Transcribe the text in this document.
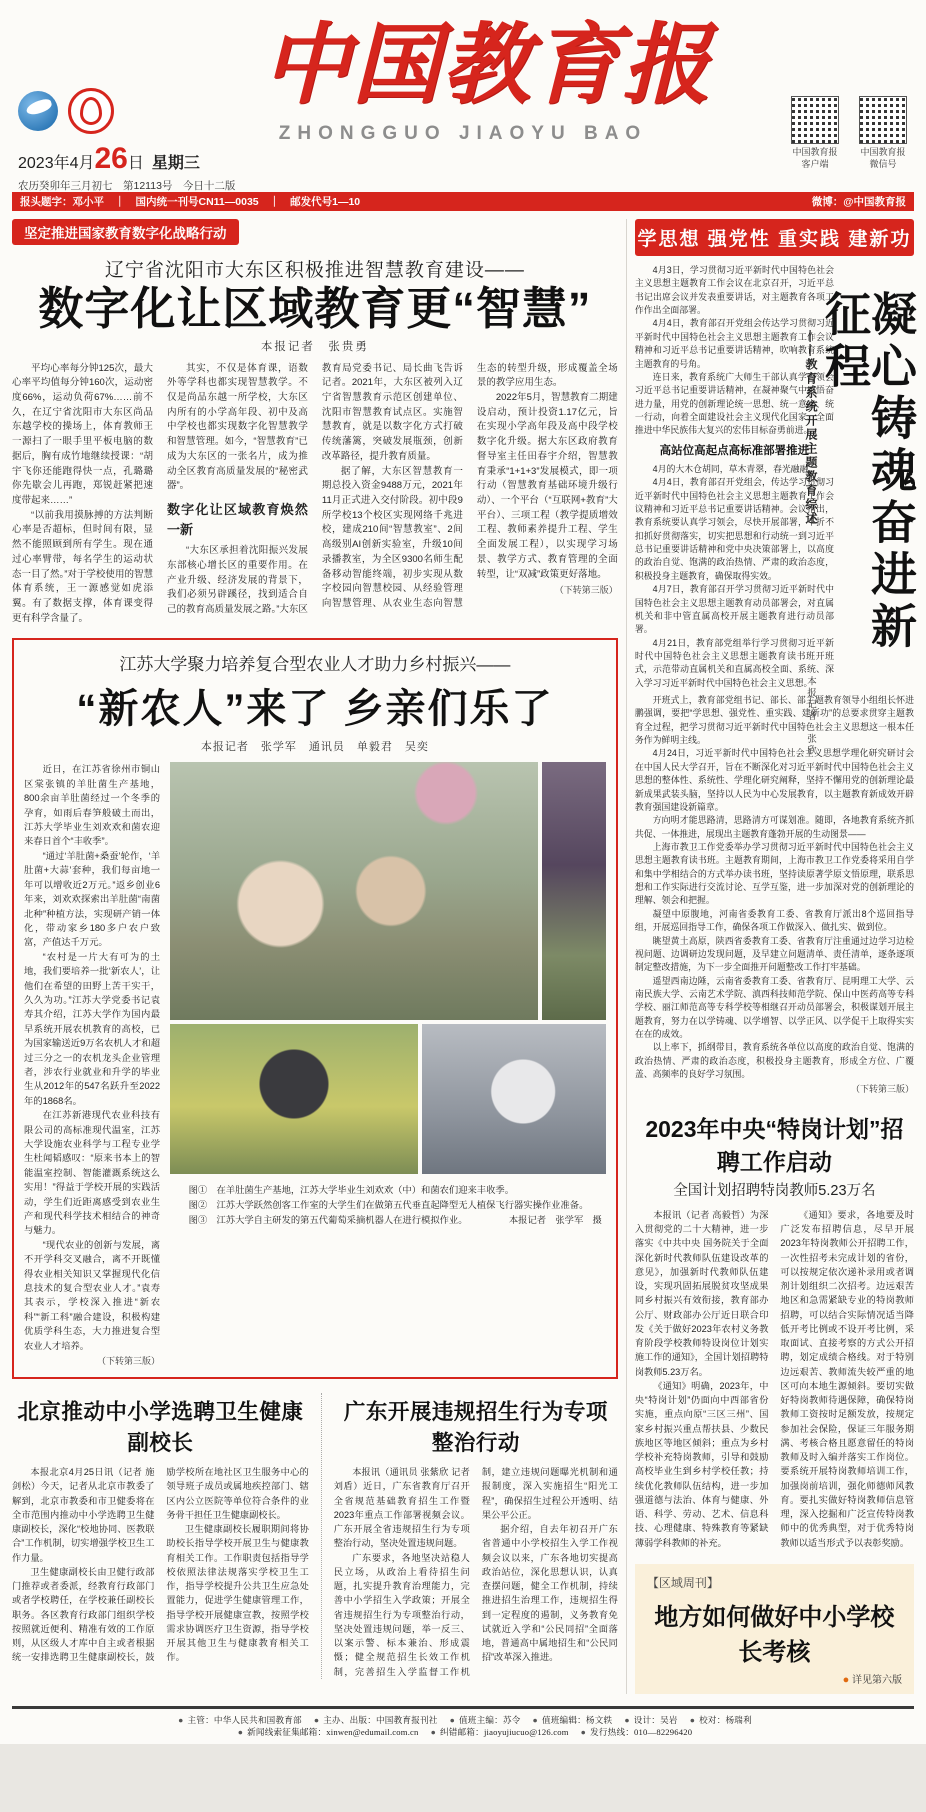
2023年4月26日 星期三
农历癸卯年三月初七　第12113号　今日十二版
中国教育报
ZHONGGUO JIAOYU BAO
中国教育报 客户端
中国教育报 微信号
报头题字：邓小平　｜　国内统一刊号CN11—0035　｜　邮发代号1—10	微博：@中国教育报
坚定推进国家教育数字化战略行动
辽宁省沈阳市大东区积极推进智慧教育建设——
数字化让区域教育更“智慧”
本报记者　张贵勇

平均心率每分钟125次，最大心率平均值每分钟160次，运动密度66%，运动负荷67%……前不久，在辽宁省沈阳市大东区尚品东越学校的操场上，体育教师王一源扫了一眼手里平板电脑的数据后，胸有成竹地继续授课：“胡宇飞你还能跑得快一点，孔璐璐你先歇会儿再跑，郑锐赶紧把速度带起来……”

“以前我用摸脉搏的方法判断心率是否超标，但时间有限，显然不能照顾到所有学生。现在通过心率臂带，每名学生的运动状态一目了然。”对于学校使用的智慧体育系统，王一源感觉如虎添翼。有了数据支撑，体育课变得更有科学含量了。

其实，不仅是体育课，语数外等学科也都实现智慧教学。不仅是尚品东越一所学校，大东区内所有的小学高年段、初中及高中学校也都实现数字化智慧教学和智慧管理。如今，“智慧教育”已成为大东区的一张名片，成为推动全区教育高质量发展的“秘密武器”。

数字化让区域教育焕然一新

“大东区承担着沈阳振兴发展东部核心增长区的重要作用。在产业升级、经济发展的背景下，我们必须另辟蹊径，找到适合自己的教育高质量发展之路。”大东区教育局党委书记、局长曲飞告诉记者。2021年，大东区被列入辽宁省智慧教育示范区创建单位、沈阳市智慧教育试点区。实施智慧教育，就是以数字化方式打破传统藩篱，突破发展瓶颈，创新改革路径，提升教育质量。

据了解，大东区智慧教育一期总投入资金9488万元，2021年11月正式进入交付阶段。初中段9所学校13个校区实现网络千兆进校，建成210间“智慧教室”、2间高级别AI创新实验室，升级10间录播教室，为全区9300名师生配备移动智能终端，初步实现从数字校园向智慧校园、从经验管理向智慧管理、从农业生态向智慧生态的转型升级，形成覆盖全场景的教学应用生态。

2022年5月，智慧教育二期建设启动，预计投资1.17亿元，旨在实现小学高年段及高中段学校数字化升级。据大东区政府教育督导室主任田春宇介绍，智慧教育秉承“1+1+3”发展模式，即一项行动（智慧教育基础环境升级行动）、一个平台（“互联网+教育”大平台）、三项工程（教学提质增效工程、教师素养提升工程、学生全面发展工程），以实现学习场景、教学方式、教育管理的全面转型，让“双减”政策更好落地。

（下转第三版）
江苏大学聚力培养复合型农业人才助力乡村振兴——
“新农人”来了 乡亲们乐了
本报记者　张学军　通讯员　单毅君　吴奕

近日，在江苏省徐州市铜山区棠张镇的羊肚菌生产基地，800余亩羊肚菌经过一个冬季的孕育，如雨后春笋般破土而出，江苏大学毕业生刘欢欢和菌农迎来春日首个“丰收季”。

“通过‘羊肚菌+桑蚕’轮作，‘羊肚菌+大蒜’套种，我们每亩地一年可以增收近2万元。”返乡创业6年来，刘欢欢探索出羊肚菌“南菌北种”种植方法，实现研产销一体化，带动家乡180多户农户致富，产值达千万元。

“农村是一片大有可为的土地，我们要培养一批‘新农人’，让他们在希望的田野上苦干实干，久久为功。”江苏大学党委书记袁寿其介绍，江苏大学作为国内最早系统开展农机教育的高校，已为国家输送近9万名农机人才和超过三分之一的农机龙头企业管理者，涉农行业就业和升学的毕业生从2012年的547名跃升至2022年的1868名。

在江苏新港现代农业科技有限公司的高标准现代温室，江苏大学设施农业科学与工程专业学生杜闻韬感叹：“原来书本上的智能温室控制、智能灌溉系统这么实用！”得益于学校开展的实践活动，学生们近距离感受到农业生产和现代科学技术相结合的神奇与魅力。

“现代农业的创新与发展，离不开学科交叉融合，离不开既懂得农业相关知识又掌握现代化信息技术的复合型农业人才。”袁寿其表示，学校深入推进“新农科”“新工科”融合建设，积极构建优质学科生态，大力推进复合型农业人才培养。

（下转第三版）

图①　在羊肚菌生产基地，江苏大学毕业生刘欢欢（中）和菌农们迎来丰收季。

图②　江苏大学跃然创客工作室的大学生们在做第五代垂直起降型无人植保飞行器实操作业准备。

图③　江苏大学自主研发的第五代葡萄采摘机器人在进行模拟作业。	本报记者　张学军　摄
北京推动中小学选聘卫生健康副校长

本报北京4月25日讯（记者 施剑松）今天，记者从北京市教委了解到，北京市教委和市卫健委将在全市范围内推动中小学选聘卫生健康副校长，深化“校地协同、医教联合”工作机制，切实增强学校卫生工作力量。

卫生健康副校长由卫健行政部门推荐或者委派，经教育行政部门或者学校聘任，在学校兼任副校长职务。各区教育行政部门组织学校按照就近便利、精准有效的工作原则，从区级人才库中自主或者根据统一安排选聘卫生健康副校长，鼓励学校所在地社区卫生服务中心的领导班子成员或属地疾控部门、辖区内公立医院等单位符合条件的业务骨干担任卫生健康副校长。

卫生健康副校长履职期间将协助校长指导学校开展卫生与健康教育相关工作。工作职责包括指导学校依照法律法规落实学校卫生工作，指导学校提升公共卫生应急处置能力，促进学生健康管理工作，指导学校开展健康宣教，按照学校需求协调医疗卫生资源，指导学校开展其他卫生与健康教育相关工作。

广东开展违规招生行为专项整治行动

本报讯（通讯员 张紫欣 记者 刘盾）近日，广东省教育厅召开全省规范基础教育招生工作暨2023年重点工作部署视频会议。广东开展全省违规招生行为专项整治行动，坚决处置违规问题。

广东要求，各地坚决站稳人民立场，从政治上看待招生问题，扎实提升教育治理能力，完善中小学招生入学政策；开展全省违规招生行为专项整治行动，坚决处置违规问题，举一反三、以案示警、标本兼治、形成震慑；健全规范招生长效工作机制，完善招生入学监督工作机制，建立违规问题曝光机制和通报制度，深入实施招生“阳光工程”，确保招生过程公开透明、结果公平公正。

据介绍，自去年初召开广东省普通中小学校招生入学工作视频会议以来，广东各地切实提高政治站位，深化思想认识，认真查摆问题，健全工作机制，持续推进招生治理工作，违规招生得到一定程度的遏制，义务教育免试就近入学和“公民同招”全面落地，普通高中属地招生和“公民同招”改革深入推进。

学思想 强党性 重实践 建新功

4月3日，学习贯彻习近平新时代中国特色社会主义思想主题教育工作会议在北京召开，习近平总书记出席会议并发表重要讲话，对主题教育各项工作作出全面部署。

4月4日，教育部召开党组会传达学习贯彻习近平新时代中国特色社会主义思想主题教育工作会议精神和习近平总书记重要讲话精神，吹响教育系统主题教育的号角。

连日来，教育系统广大师生干部认真学习领会习近平总书记重要讲话精神，在凝神聚气中感悟奋进力量，用党的创新理论统一思想、统一意志、统一行动，向着全面建设社会主义现代化国家、全面推进中华民族伟大复兴的宏伟目标奋勇前进。

高站位高起点高标准部署推进

4月的大木仓胡同，草木青翠，春光融融。

4月4日，教育部召开党组会，传达学习贯彻习近平新时代中国特色社会主义思想主题教育工作会议精神和习近平总书记重要讲话精神。会议指出，教育系统要认真学习领会，尽快开展部署，不折不扣抓好贯彻落实，切实把思想和行动统一到习近平总书记重要讲话精神和党中央决策部署上，以高度的政治自觉、饱满的政治热情、严肃的政治态度，积极投身主题教育，确保取得实效。

4月7日，教育部召开学习贯彻习近平新时代中国特色社会主义思想主题教育动员部署会，对直属机关和非中管直属高校开展主题教育进行动员部署。

4月21日，教育部党组举行学习贯彻习近平新时代中国特色社会主义思想主题教育读书班开班式，示范带动直属机关和直属高校全面、系统、深入学习习近平新时代中国特色社会主义思想。

凝心铸魂奋进新征程
——教育系统开展主题教育综述
本报记者　张欣

开班式上，教育部党组书记、部长、部主题教育领导小组组长怀进鹏强调，要把“学思想、强党性、重实践、建新功”的总要求贯穿主题教育全过程，把学习贯彻习近平新时代中国特色社会主义思想这一根本任务作为鲜明主线。

4月24日，习近平新时代中国特色社会主义思想学理化研究研讨会在中国人民大学召开，旨在不断深化对习近平新时代中国特色社会主义思想的整体性、系统性、学理化研究阐释，坚持不懈用党的创新理论最新成果武装头脑，坚持以人民为中心发展教育，以主题教育新成效开辟教育强国建设新篇章。

方向明才能思路清，思路清方可谋划准。随即，各地教育系统齐抓共促、一体推进，展现出主题教育蓬勃开展的生动图景——

上海市教卫工作党委举办学习贯彻习近平新时代中国特色社会主义思想主题教育读书班。主题教育期间，上海市教卫工作党委将采用自学和集中学相结合的方式举办读书班，坚持读原著学原文悟原理，联系思想和工作实际进行交流讨论、互学互鉴，进一步加深对党的创新理论的理解、领会和把握。

凝望中原腹地，河南省委教育工委、省教育厅派出8个巡回指导组，开展巡回指导工作，确保各项工作做深入、做扎实、做到位。

眺望黄土高原，陕西省委教育工委、省教育厅注重通过边学习边检视问题、边调研边发现问题，及早建立问题清单、责任清单，逐条逐项制定整改措施，为下一步全面推开问题整改工作打牢基础。

遥望西南边陲，云南省委教育工委、省教育厅、昆明理工大学、云南民族大学、云南艺术学院、滇西科技师范学院、保山中医药高等专科学校、丽江师范高等专科学校等相继召开动员部署会，积极谋划开展主题教育，努力在以学铸魂、以学增智、以学正风、以学促干上取得实实在在的成效。

以上率下，抓纲带目，教育系统各单位以高度的政治自觉、饱满的政治热情、严肃的政治态度，积极投身主题教育，形成全方位、广覆盖、高频率的良好学习氛围。

（下转第三版）
2023年中央“特岗计划”招聘工作启动
全国计划招聘特岗教师5.23万名

本报讯（记者 高毅哲）为深入贯彻党的二十大精神，进一步落实《中共中央 国务院关于全面深化新时代教师队伍建设改革的意见》，加强新时代教师队伍建设，实现巩固拓展脱贫攻坚成果同乡村振兴有效衔接，教育部办公厅、财政部办公厅近日联合印发《关于做好2023年农村义务教育阶段学校教师特设岗位计划实施工作的通知》，全国计划招聘特岗教师5.23万名。

《通知》明确，2023年，中央“特岗计划”仍面向中西部省份实施，重点向原“三区三州”、国家乡村振兴重点帮扶县、少数民族地区等地区倾斜；重点为乡村学校补充特岗教师，引导和鼓励高校毕业生到乡村学校任教；持续优化教师队伍结构，进一步加强道德与法治、体育与健康、外语、科学、劳动、艺术、信息科技、心理健康、特殊教育等紧缺薄弱学科教师的补充。

《通知》要求，各地要及时广泛发布招聘信息，尽早开展2023年特岗教师公开招聘工作，一次性招考未完成计划的省份，可以按规定依次递补录用或者调剂计划组织二次招考。边远艰苦地区和急需紧缺专业的特岗教师招聘，可以结合实际情况适当降低开考比例或不设开考比例，采取面试、直接考察的方式公开招聘，划定成绩合格线。对于特别边远艰苦、教师流失较严重的地区可向本地生源倾斜。要切实做好特岗教师待遇保障，确保特岗教师工资按时足额发放，按规定参加社会保险，保证三年服务期满、考核合格且愿意留任的特岗教师及时入编并落实工作岗位。要系统开展特岗教师培训工作，加强岗前培训，强化师德师风教育。要扎实做好特岗教师信息管理，深入挖掘和广泛宣传特岗教师中的优秀典型，对于优秀特岗教师以适当形式予以表彰奖励。

【区域周刊】
地方如何做好中小学校长考核
● 详见第六版
● 主管：中华人民共和国教育部 ● 主办、出版：中国教育报刊社 ● 值班主编：苏令 ● 值班编辑：杨文轶 ● 设计：吴岩 ● 校对：杨瑞利● 新闻线索征集邮箱：xinwen@edumail.com.cn ● 纠错邮箱：jiaoyujiucuo@126.com ● 发行热线：010—82296420
